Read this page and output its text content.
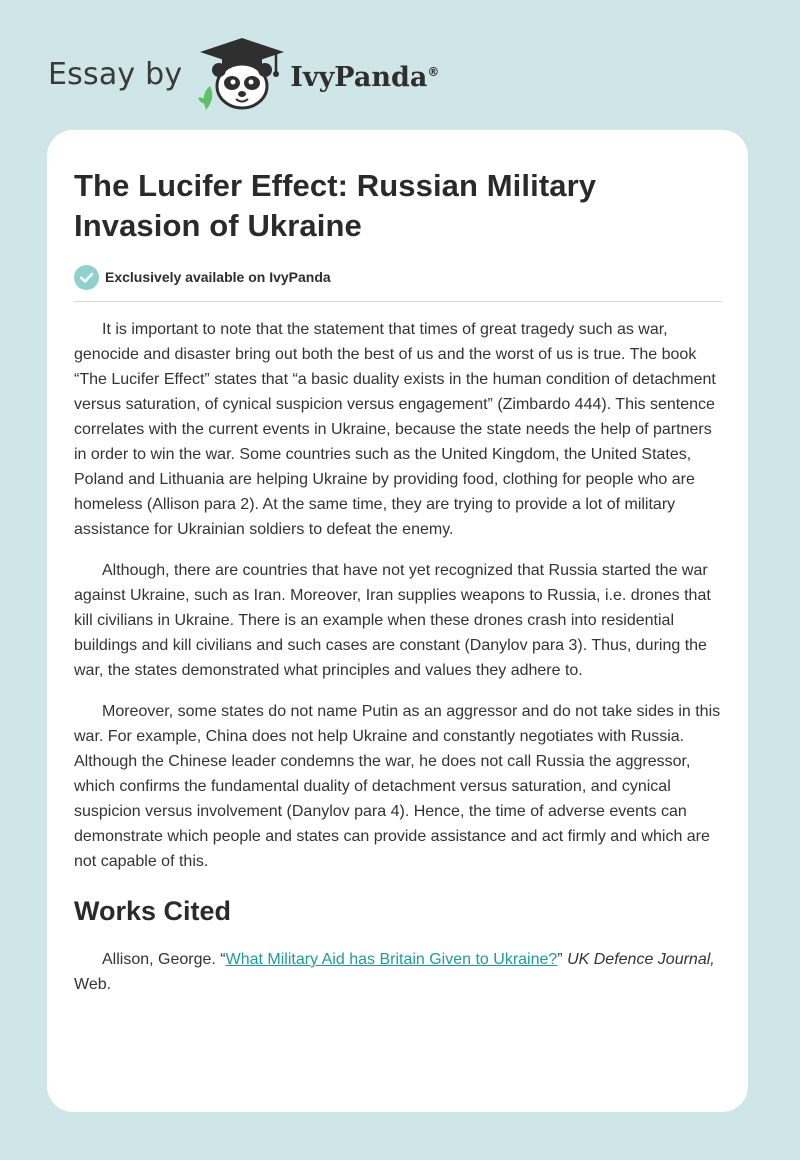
Essay by	IvyPanda®
The Lucifer Effect: Russian Military Invasion of Ukraine
Exclusively available on IvyPanda

It is important to note that the statement that times of great tragedy such as war, genocide and disaster bring out both the best of us and the worst of us is true. The book “The Lucifer Effect” states that “a basic duality exists in the human condition of detachment versus saturation, of cynical suspicion versus engagement” (Zimbardo 444). This sentence correlates with the current events in Ukraine, because the state needs the help of partners in order to win the war. Some countries such as the United Kingdom, the United States, Poland and Lithuania are helping Ukraine by providing food, clothing for people who are homeless (Allison para 2). At the same time, they are trying to provide a lot of military assistance for Ukrainian soldiers to defeat the enemy.

Although, there are countries that have not yet recognized that Russia started the war against Ukraine, such as Iran. Moreover, Iran supplies weapons to Russia, i.e. drones that kill civilians in Ukraine. There is an example when these drones crash into residential buildings and kill civilians and such cases are constant (Danylov para 3). Thus, during the war, the states demonstrated what principles and values they adhere to.

Moreover, some states do not name Putin as an aggressor and do not take sides in this war. For example, China does not help Ukraine and constantly negotiates with Russia. Although the Chinese leader condemns the war, he does not call Russia the aggressor, which confirms the fundamental duality of detachment versus saturation, and cynical suspicion versus involvement (Danylov para 4). Hence, the time of adverse events can demonstrate which people and states can provide assistance and act firmly and which are not capable of this.

Works Cited

Allison, George. “What Military Aid has Britain Given to Ukraine?” UK Defence Journal, Web.
